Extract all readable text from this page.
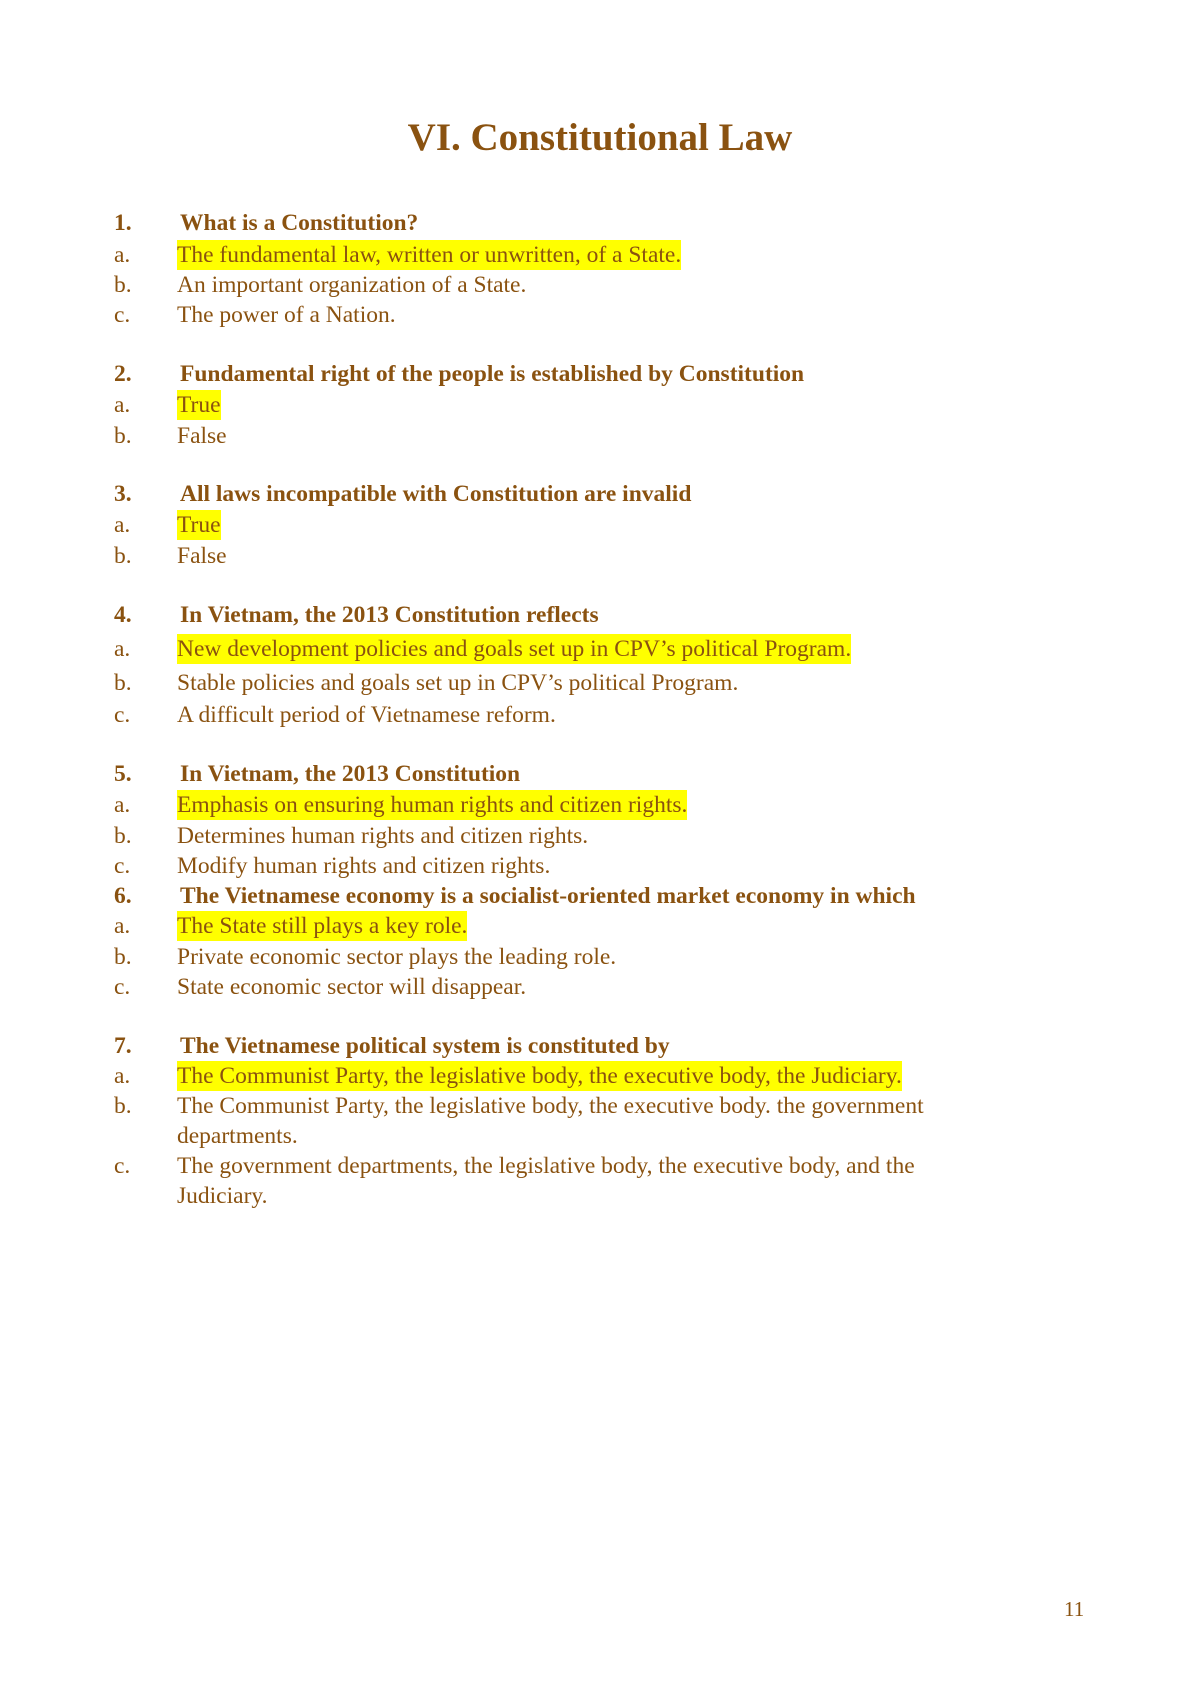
VI. Constitutional Law
1.	What is a Constitution?
a.	The fundamental law, written or unwritten, of a State.
b.	An important organization of a State.
c.	The power of a Nation.
2.	Fundamental right of the people is established by Constitution
a.	True
b.	False
3.	All laws incompatible with Constitution are invalid
a.	True
b.	False
4.	In Vietnam, the 2013 Constitution reflects
a.	New development policies and goals set up in CPV’s political Program.
b.	Stable policies and goals set up in CPV’s political Program.
c.	A difficult period of Vietnamese reform.
5.	In Vietnam, the 2013 Constitution
a.	Emphasis on ensuring human rights and citizen rights.
b.	Determines human rights and citizen rights.
c.	Modify human rights and citizen rights.
6.	The Vietnamese economy is a socialist-oriented market economy in which
a.	The State still plays a key role.
b.	Private economic sector plays the leading role.
c.	State economic sector will disappear.
7.	The Vietnamese political system is constituted by
a.	The Communist Party, the legislative body, the executive body, the Judiciary.
b.	The Communist Party, the legislative body, the executive body. the government
departments.
c.	The government departments, the legislative body, the executive body, and the
Judiciary.
11
